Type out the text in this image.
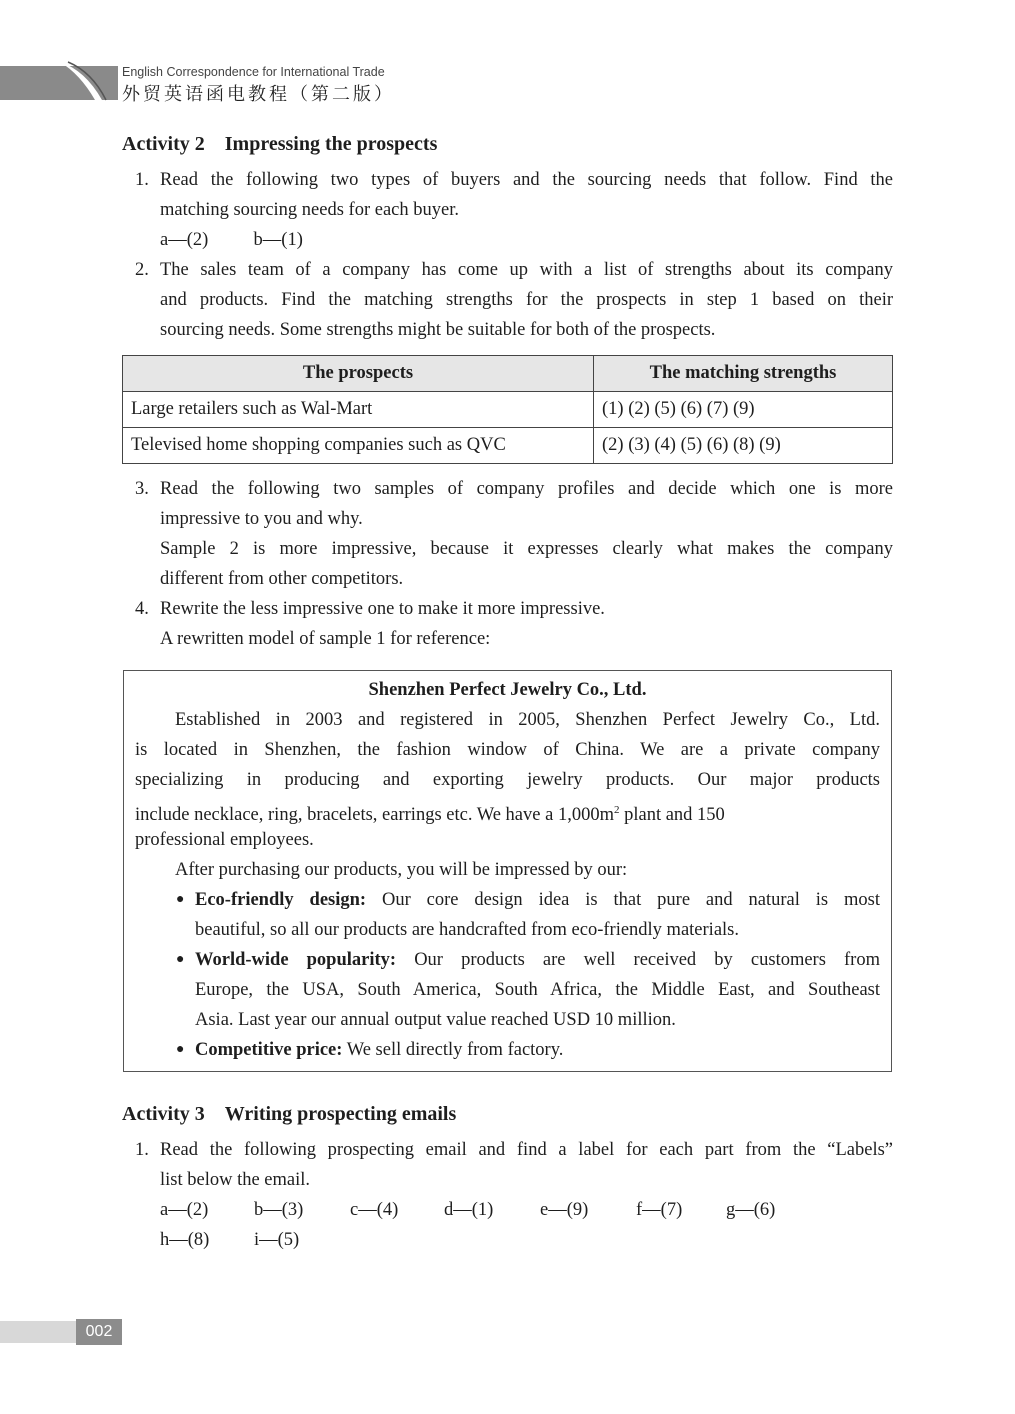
English Correspondence for International Trade
外贸英语函电教程（第二版）
Activity 2 Impressing the prospects
1. Read the following two types of buyers and the sourcing needs that follow. Find the
matching sourcing needs for each buyer.
a—(2) b—(1)
2. The sales team of a company has come up with a list of strengths about its company
and products. Find the matching strengths for the prospects in step 1 based on their
sourcing needs. Some strengths might be suitable for both of the prospects.
The prospects	The matching strengths
Large retailers such as Wal-Mart	(1) (2) (5) (6) (7) (9)
Televised home shopping companies such as QVC	(2) (3) (4) (5) (6) (8) (9)
3. Read the following two samples of company profiles and decide which one is more
impressive to you and why.
Sample 2 is more impressive, because it expresses clearly what makes the company
different from other competitors.
4. Rewrite the less impressive one to make it more impressive.
A rewritten model of sample 1 for reference:
Shenzhen Perfect Jewelry Co., Ltd.
Established in 2003 and registered in 2005, Shenzhen Perfect Jewelry Co., Ltd.
is located in Shenzhen, the fashion window of China. We are a private company
specializing in producing and exporting jewelry products. Our major products
include necklace, ring, bracelets, earrings etc. We have a $1,000m^2$ plant and 150
professional employees.
After purchasing our products, you will be impressed by our:
● Eco-friendly design: Our core design idea is that pure and natural is most
beautiful, so all our products are handcrafted from eco-friendly materials.
● World-wide popularity: Our products are well received by customers from
Europe, the USA, South America, South Africa, the Middle East, and Southeast
Asia. Last year our annual output value reached USD 10 million.
● Competitive price: We sell directly from factory.
Activity 3 Writing prospecting emails
1. Read the following prospecting email and find a label for each part from the “Labels”
list below the email.
a—(2) b—(3)	c—(4) d—(1)	e—(9)	f—(7) g—(6)
h—(8) i—(5)
002
